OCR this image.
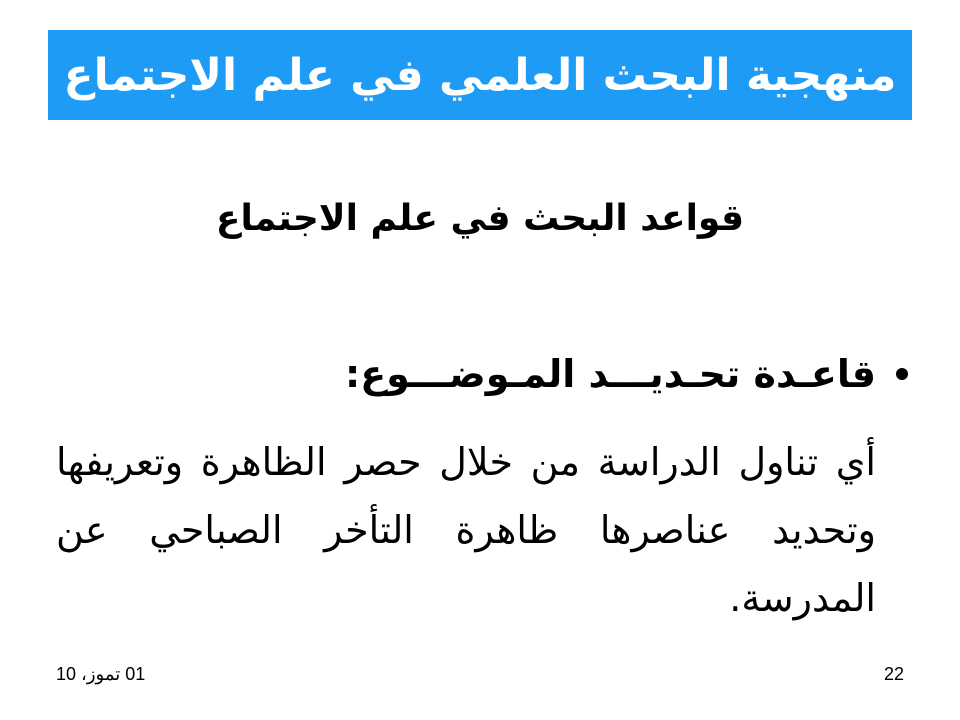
منهجية البحث العلمي في علم الاجتماع
قواعد البحث في علم الاجتماع
قاعـدة تحـديـــد المـوضـــوع:
أي تناول الدراسة من خلال حصر الظاهرة وتعريفها وتحديد عناصرها ظاهرة التأخر الصباحي عن المدرسة.
01 تموز، 10	22
